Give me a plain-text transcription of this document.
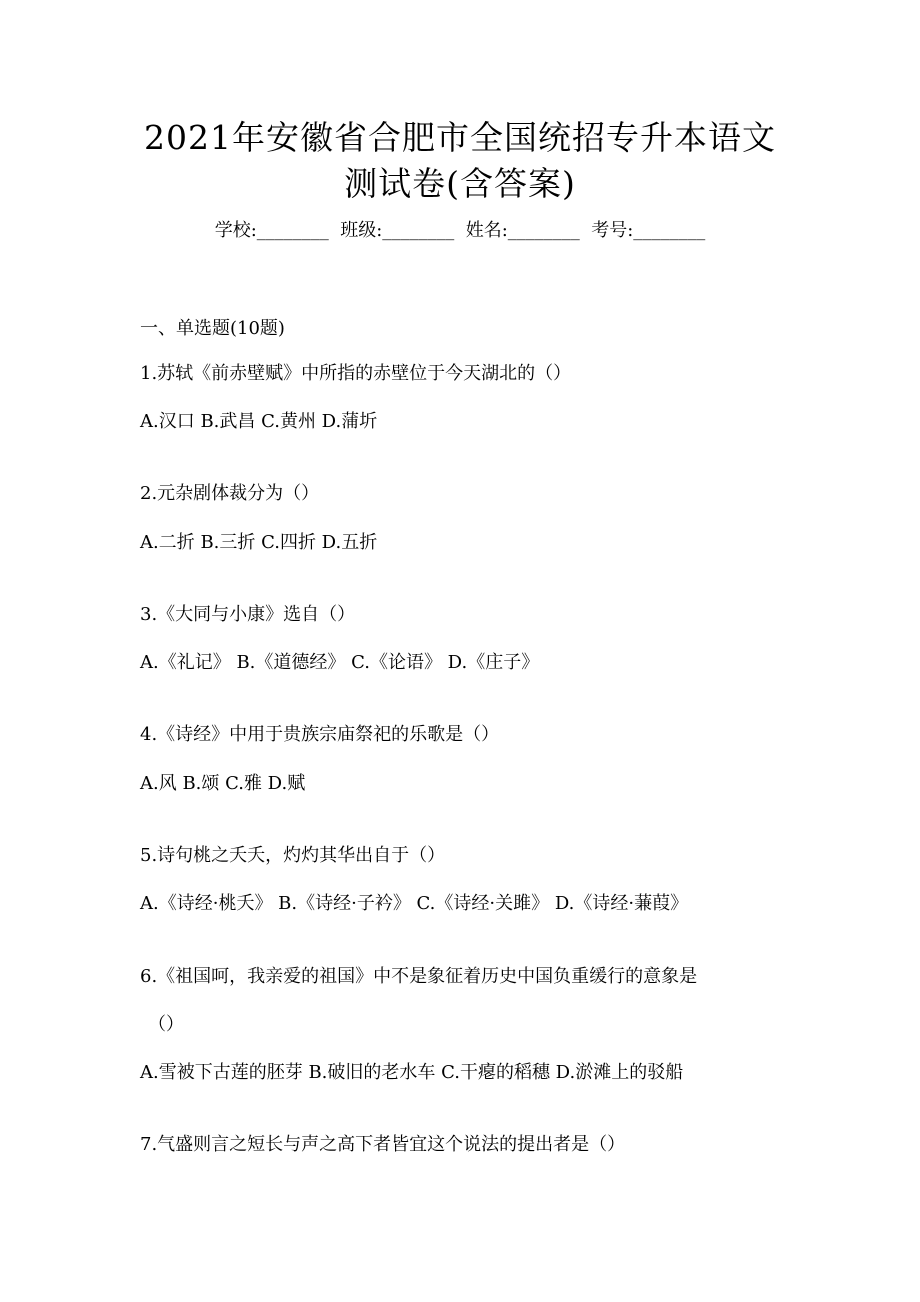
2021年安徽省合肥市全国统招专升本语文
测试卷(含答案)
学校:________  班级:________  姓名:________  考号:________
一、单选题(10题)
1.苏轼《前赤壁赋》中所指的赤壁位于今天湖北的（）
A.汉口 B.武昌 C.黄州 D.蒲圻
2.元杂剧体裁分为（）
A.二折 B.三折 C.四折 D.五折
3.《大同与小康》选自（）
A.《礼记》 B.《道德经》 C.《论语》 D.《庄子》
4.《诗经》中用于贵族宗庙祭祀的乐歌是（）
A.风 B.颂 C.雅 D.赋
5.诗句桃之夭夭，灼灼其华出自于（）
A.《诗经·桃夭》 B.《诗经·子衿》 C.《诗经·关雎》 D.《诗经·蒹葭》
6.《祖国呵，我亲爱的祖国》中不是象征着历史中国负重缓行的意象是
（）
A.雪被下古莲的胚芽 B.破旧的老水车 C.干瘪的稻穗 D.淤滩上的驳船
7.气盛则言之短长与声之高下者皆宜这个说法的提出者是（）
